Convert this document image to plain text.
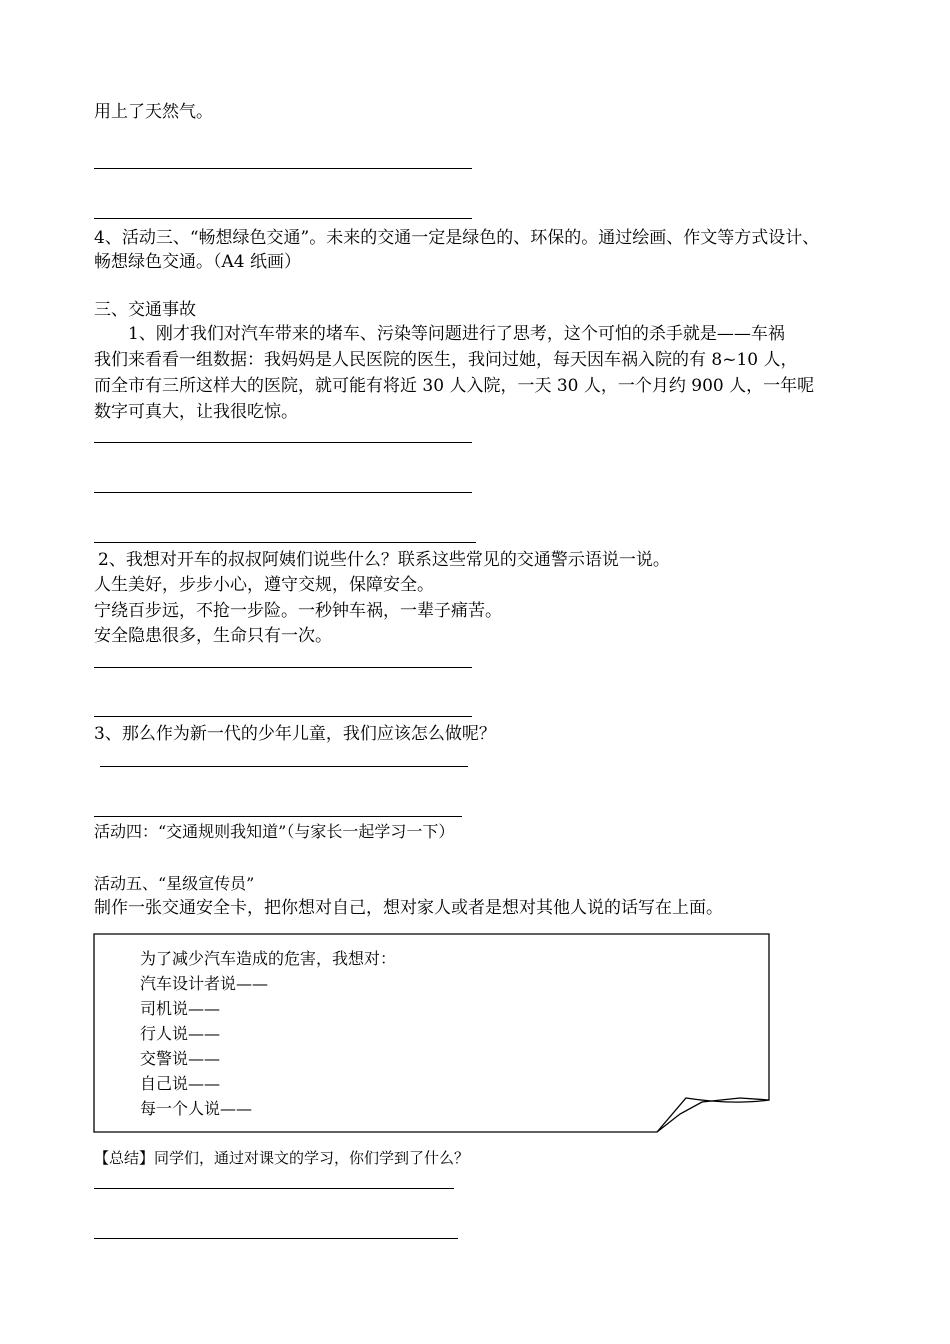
用上了天然气。
4、活动三、“畅想绿色交通”。未来的交通一定是绿色的、环保的。通过绘画、作文等方式设计、
畅想绿色交通。（A4 纸画）
三、交通事故
1、刚才我们对汽车带来的堵车、污染等问题进行了思考，这个可怕的杀手就是——车祸
我们来看看一组数据：我妈妈是人民医院的医生，我问过她，每天因车祸入院的有 8~10 人，
而全市有三所这样大的医院，就可能有将近 30 人入院，一天 30 人，一个月约 900 人，一年呢
数字可真大，让我很吃惊。
2、我想对开车的叔叔阿姨们说些什么？联系这些常见的交通警示语说一说。
人生美好，步步小心，遵守交规，保障安全。
宁绕百步远，不抢一步险。一秒钟车祸，一辈子痛苦。
安全隐患很多，生命只有一次。
3、那么作为新一代的少年儿童，我们应该怎么做呢？
活动四：“交通规则我知道”（与家长一起学习一下）
活动五、“星级宣传员”
制作一张交通安全卡，把你想对自己，想对家人或者是想对其他人说的话写在上面。
为了减少汽车造成的危害，我想对：
汽车设计者说——
司机说——
行人说——
交警说——
自己说——
每一个人说——
【总结】同学们，通过对课文的学习，你们学到了什么？
